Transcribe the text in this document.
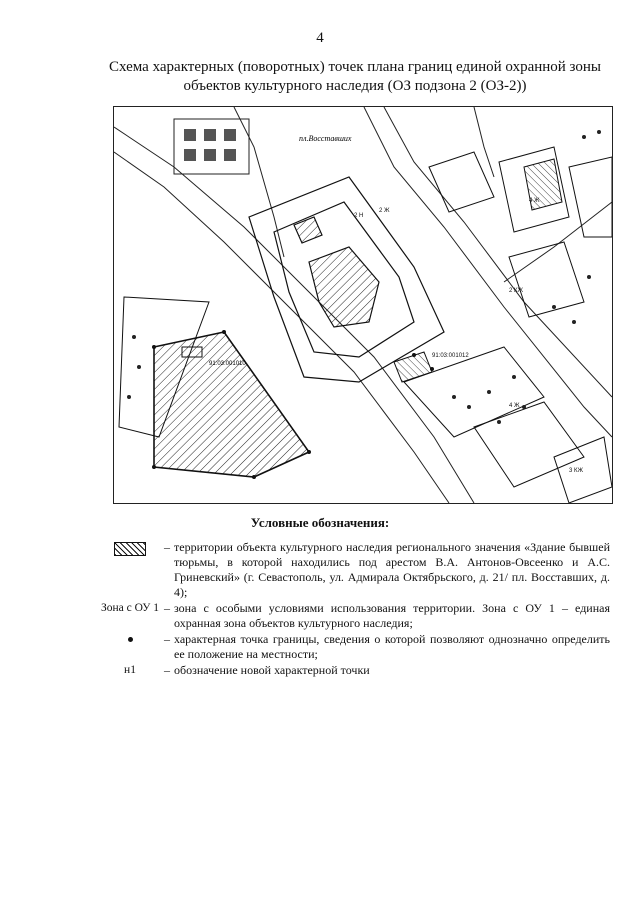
4
Схема характерных (поворотных) точек плана границ единой охранной зоны
объектов культурного наследия (ОЗ подзона 2 (ОЗ-2))
пл.Восставших
91:03:001010
91:03:001012
2 Н
2 Ж
4 Ж
2 КЖ
4 Ж
3 КЖ
Условные обозначения:
– территории объекта культурного наследия регионального значения «Здание бывшей тюрьмы, в которой находились под арестом В.А. Антонов-Овсеенко и А.С. Гриневский» (г. Севастополь, ул. Адмирала Октябрьского, д. 21/ пл. Восставших, д. 4);
Зона с ОУ 1 – зона с особыми условиями использования территории. Зона с ОУ 1 – единая охранная зона объектов культурного наследия;
– характерная точка границы, сведения о которой позволяют однозначно определить ее положение на местности;
н1	– обозначение новой характерной точки
